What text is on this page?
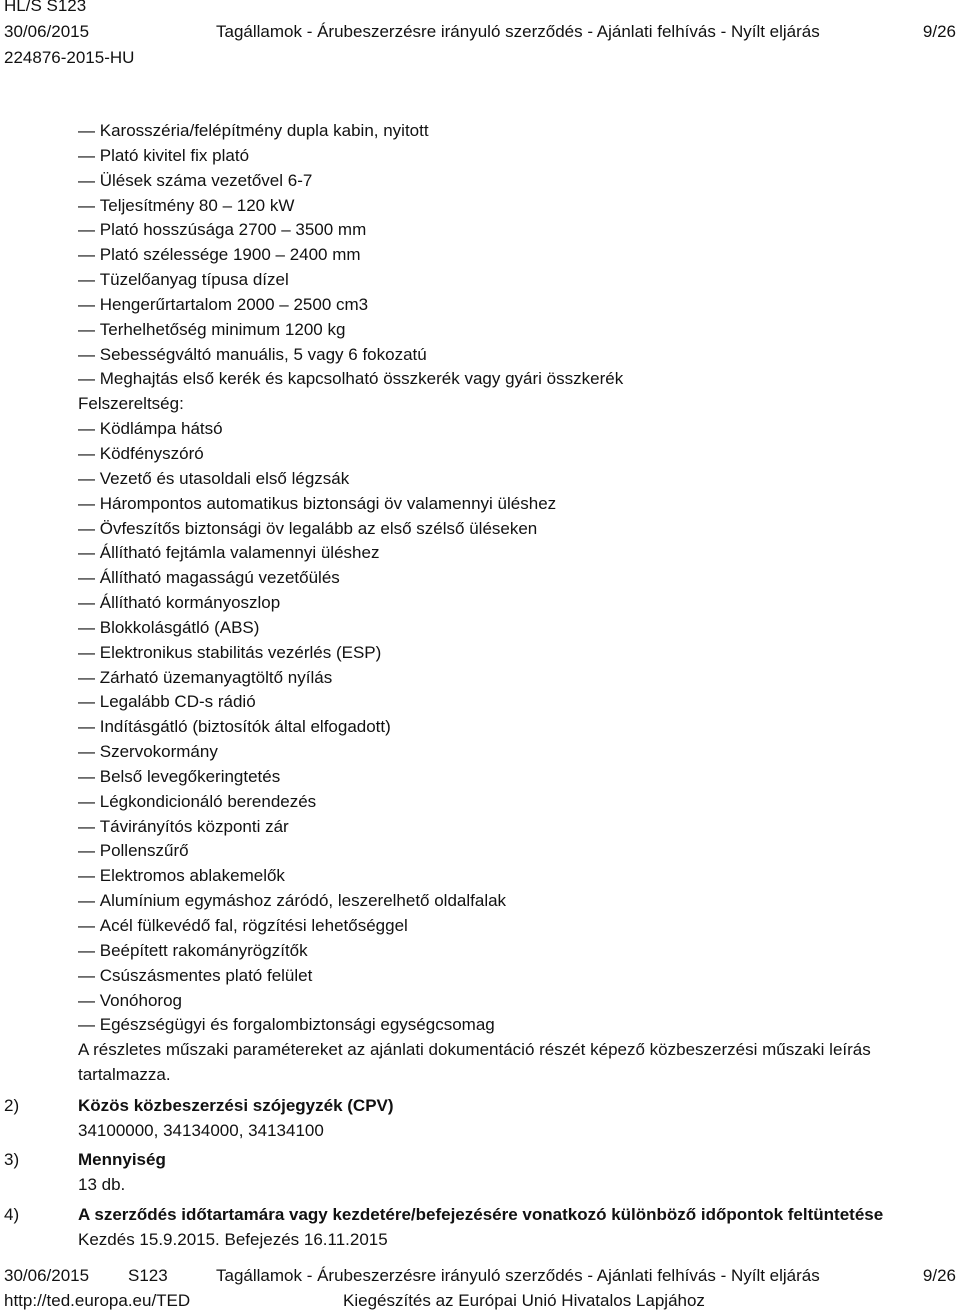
HL/S S123
30/06/2015
224876-2015-HU
Tagállamok - Árubeszerzésre irányuló szerződés - Ajánlati felhívás - Nyílt eljárás	9/26
— Karosszéria/felépítmény dupla kabin, nyitott
— Plató kivitel fix plató
— Ülések száma vezetővel 6-7
— Teljesítmény 80 – 120 kW
— Plató hosszúsága 2700 – 3500 mm
— Plató szélessége 1900 – 2400 mm
— Tüzelőanyag típusa dízel
— Hengerűrtartalom 2000 – 2500 cm3
— Terhelhetőség minimum 1200 kg
— Sebességváltó manuális, 5 vagy 6 fokozatú
— Meghajtás első kerék és kapcsolható összkerék vagy gyári összkerék
Felszereltség:
— Ködlámpa hátsó
— Ködfényszóró
— Vezető és utasoldali első légzsák
— Hárompontos automatikus biztonsági öv valamennyi üléshez
— Övfeszítős biztonsági öv legalább az első szélső üléseken
— Állítható fejtámla valamennyi üléshez
— Állítható magasságú vezetőülés
— Állítható kormányoszlop
— Blokkolásgátló (ABS)
— Elektronikus stabilitás vezérlés (ESP)
— Zárható üzemanyagtöltő nyílás
— Legalább CD-s rádió
— Indításgátló (biztosítók által elfogadott)
— Szervokormány
— Belső levegőkeringtetés
— Légkondicionáló berendezés
— Távirányítós központi zár
— Pollenszűrő
— Elektromos ablakemelők
— Alumínium egymáshoz záródó, leszerelhető oldalfalak
— Acél fülkevédő fal, rögzítési lehetőséggel
— Beépített rakományrögzítők
— Csúszásmentes plató felület
— Vonóhorog
— Egészségügyi és forgalombiztonsági egységcsomag
A részletes műszaki paramétereket az ajánlati dokumentáció részét képező közbeszerzési műszaki leírás
tartalmazza.
2)	Közös közbeszerzési szójegyzék (CPV)
34100000, 34134000, 34134100
3)	Mennyiség
13 db.
4)	A szerződés időtartamára vagy kezdetére/befejezésére vonatkozó különböző időpontok feltüntetése
Kezdés 15.9.2015. Befejezés 16.11.2015
30/06/2015 S123	Tagállamok - Árubeszerzésre irányuló szerződés - Ajánlati felhívás - Nyílt eljárás	9/26
http://ted.europa.eu/TED	Kiegészítés az Európai Unió Hivatalos Lapjához
